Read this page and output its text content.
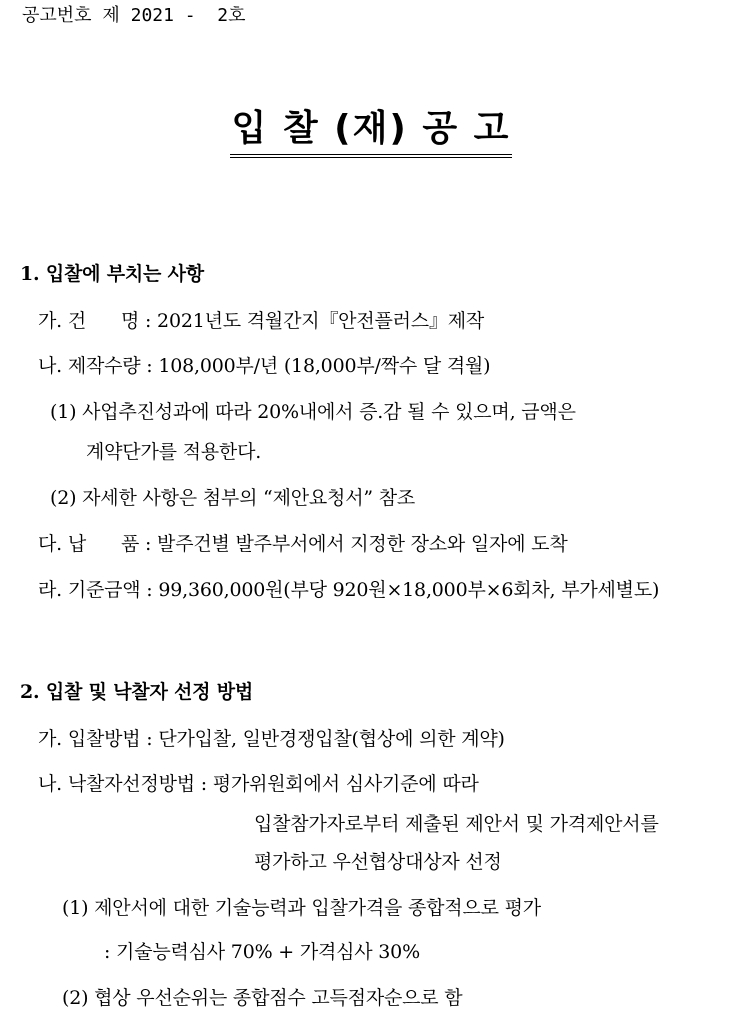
공고번호 제 2021 -  2호
입 찰 (재) 공 고
1. 입찰에 부치는 사항
가. 건      명 : 2021년도 격월간지『안전플러스』제작
나. 제작수량 : 108,000부/년 (18,000부/짝수 달 격월)
(1) 사업추진성과에 따라 20%내에서 증.감 될 수 있으며, 금액은
계약단가를 적용한다.
(2) 자세한 사항은 첨부의 “제안요청서” 참조
다. 납      품 : 발주건별 발주부서에서 지정한 장소와 일자에 도착
라. 기준금액 : 99,360,000원(부당 920원×18,000부×6회차, 부가세별도)
2. 입찰 및 낙찰자 선정 방법
가. 입찰방법 : 단가입찰, 일반경쟁입찰(협상에 의한 계약)
나. 낙찰자선정방법 : 평가위원회에서 심사기준에 따라
입찰참가자로부터 제출된 제안서 및 가격제안서를
평가하고 우선협상대상자 선정
(1) 제안서에 대한 기술능력과 입찰가격을 종합적으로 평가
: 기술능력심사 70% + 가격심사 30%
(2) 협상 우선순위는 종합점수 고득점자순으로 함
